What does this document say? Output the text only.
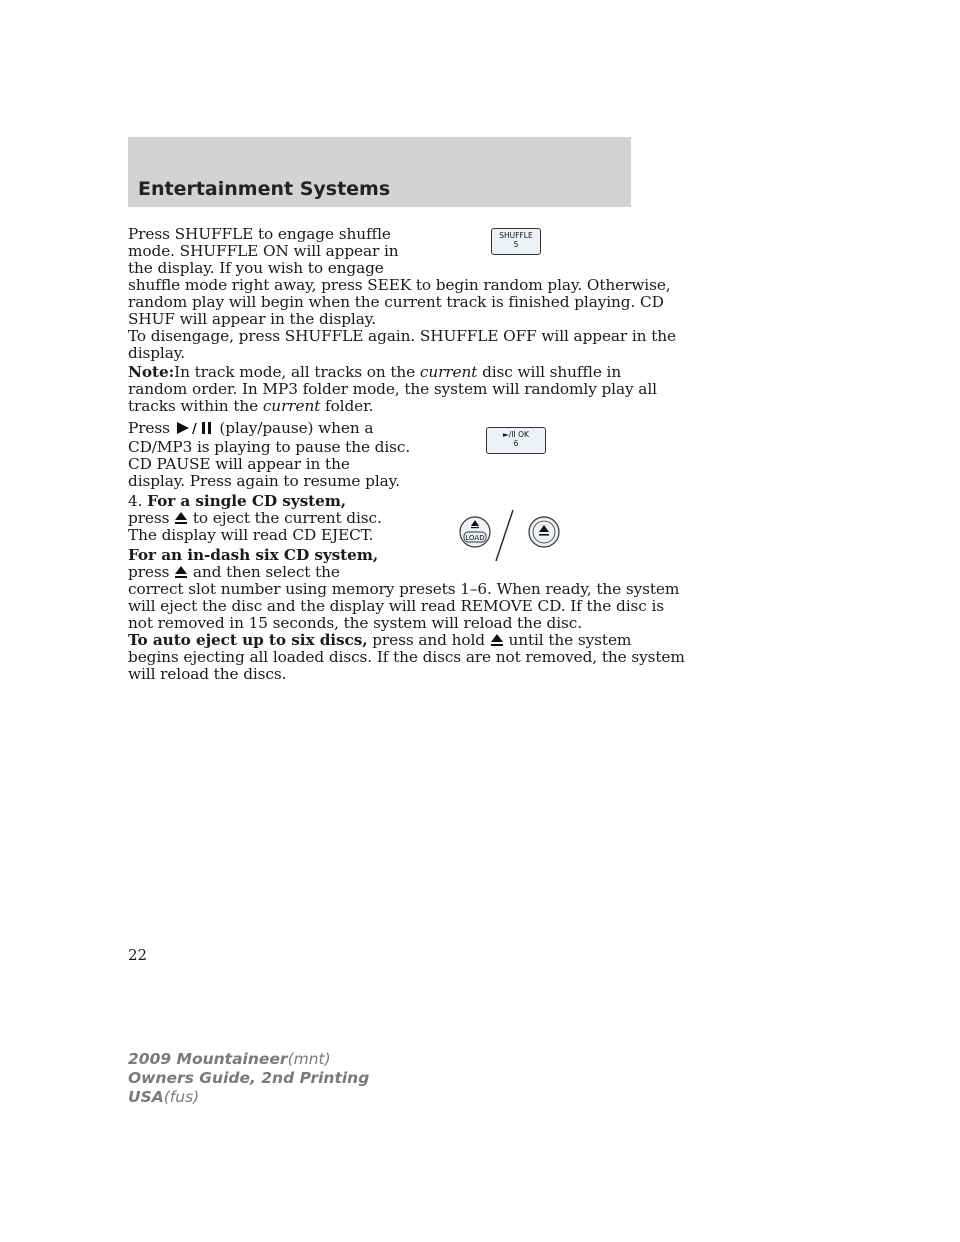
Entertainment Systems
Press SHUFFLE to engage shuffle
mode. SHUFFLE ON will appear in
the display. If you wish to engage
shuffle mode right away, press SEEK to begin random play. Otherwise,
random play will begin when the current track is finished playing. CD
SHUF will appear in the display.
To disengage, press SHUFFLE again. SHUFFLE OFF will appear in the
display.
SHUFFLE
5
Note:In track mode, all tracks on the current disc will shuffle in
random order. In MP3 folder mode, the system will randomly play all
tracks within the current folder.
Press / (play/pause) when a
CD/MP3 is playing to pause the disc.
CD PAUSE will appear in the
display. Press again to resume play.
►/II OK
6
4. For a single CD system,
press  to eject the current disc.
The display will read CD EJECT.
For an in-dash six CD system,
press  and then select the
correct slot number using memory presets 1–6. When ready, the system
will eject the disc and the display will read REMOVE CD. If the disc is
not removed in 15 seconds, the system will reload the disc.
To auto eject up to six discs, press and hold  until the system
begins ejecting all loaded discs. If the discs are not removed, the system
will reload the discs.
LOAD
22
2009 Mountaineer(mnt)
Owners Guide, 2nd Printing
USA(fus)
